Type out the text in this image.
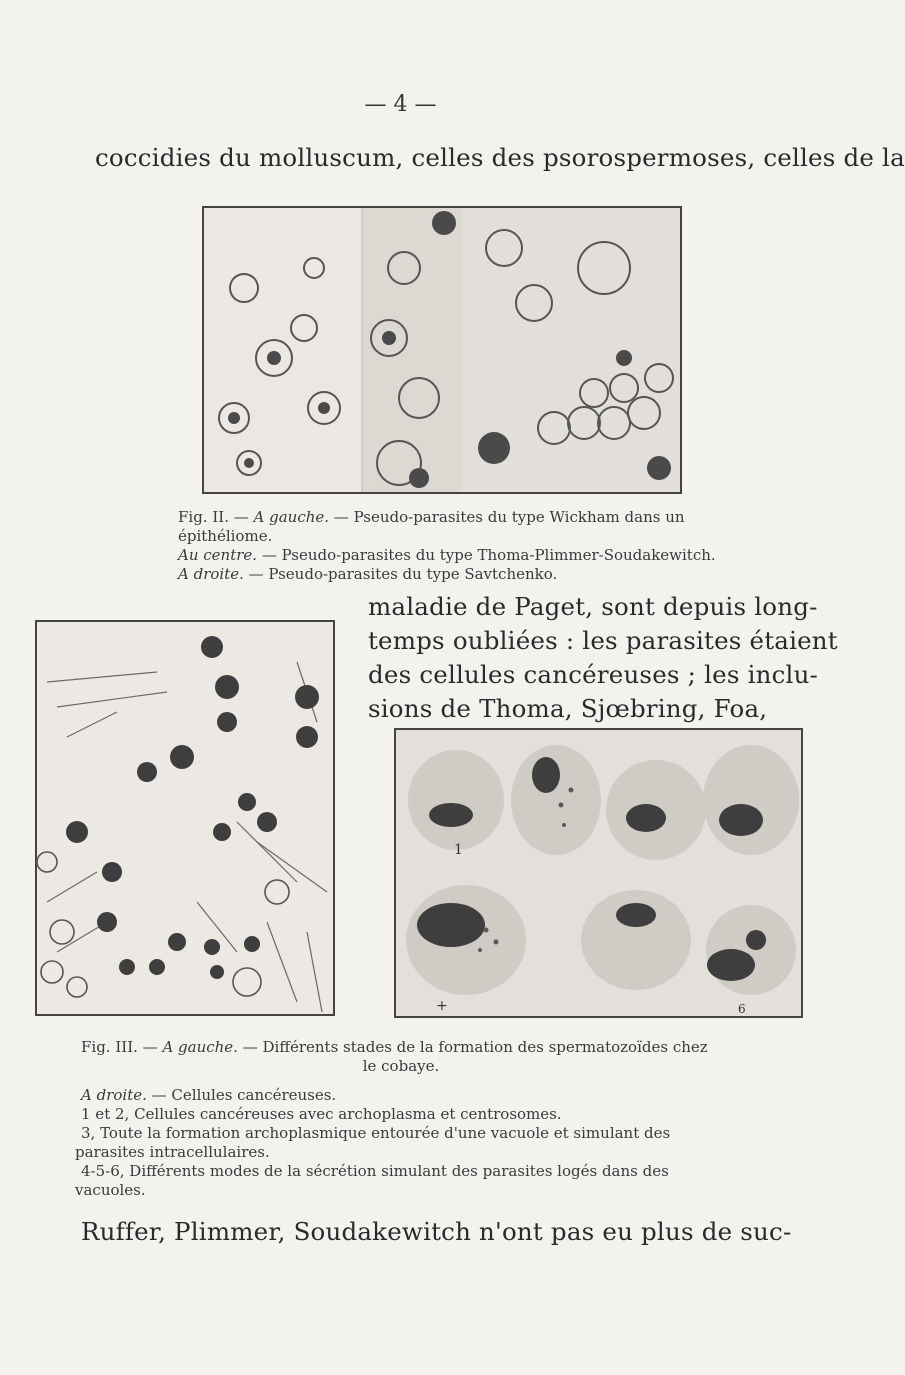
— 4 —
coccidies du molluscum, celles des psorospermoses, celles de la
Fig. II. — A gauche. — Pseudo-parasites du type Wickham dans un épithéliome.
Au centre. — Pseudo-parasites du type Thoma-Plimmer-Soudakewitch.
A droite. — Pseudo-parasites du type Savtchenko.
maladie de Paget, sont depuis long-
temps oubliées : les parasites étaient
des cellules cancéreuses ; les inclu-
sions de Thoma, Sjœbring, Foa,
1
+	6
Fig. III. — A gauche. — Différents stades de la formation des spermatozoïdes chez
le cobaye.
A droite. — Cellules cancéreuses.
1 et 2, Cellules cancéreuses avec archoplasma et centrosomes.
3, Toute la formation archoplasmique entourée d'une vacuole et simulant des
parasites intracellulaires.
4-5-6, Différents modes de la sécrétion simulant des parasites logés dans des
vacuoles.
Ruffer, Plimmer, Soudakewitch n'ont pas eu plus de suc-
